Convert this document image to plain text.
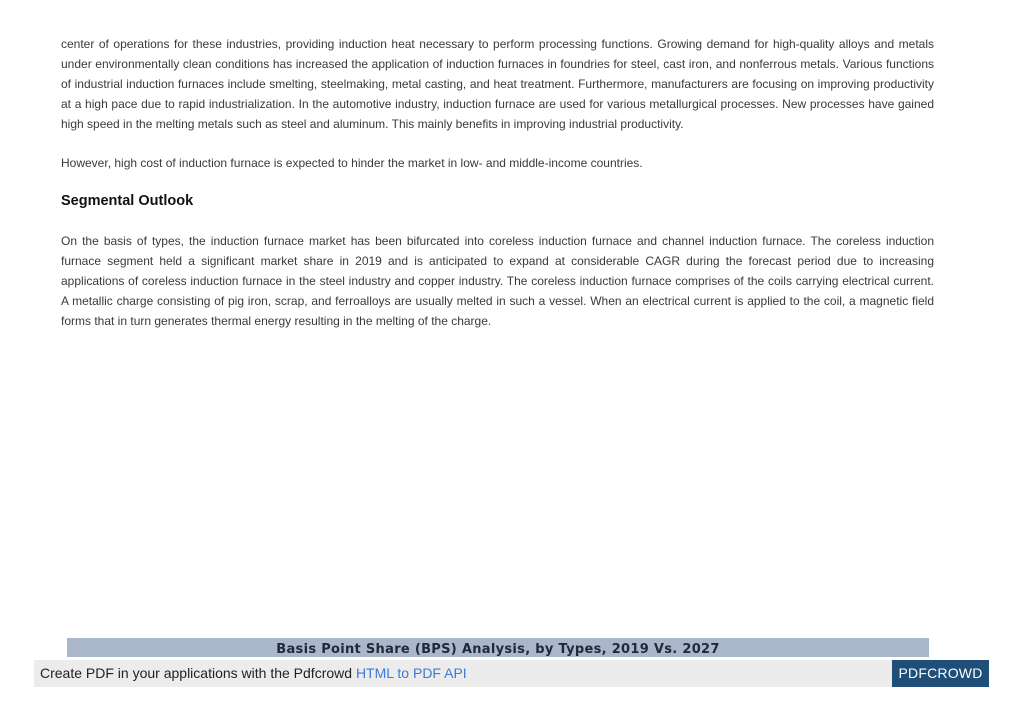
center of operations for these industries, providing induction heat necessary to perform processing functions. Growing demand for high-quality alloys and metals under environmentally clean conditions has increased the application of induction furnaces in foundries for steel, cast iron, and nonferrous metals. Various functions of industrial induction furnaces include smelting, steelmaking, metal casting, and heat treatment. Furthermore, manufacturers are focusing on improving productivity at a high pace due to rapid industrialization. In the automotive industry, induction furnace are used for various metallurgical processes. New processes have gained high speed in the melting metals such as steel and aluminum. This mainly benefits in improving industrial productivity.

However, high cost of induction furnace is expected to hinder the market in low- and middle-income countries.

Segmental Outlook

On the basis of types, the induction furnace market has been bifurcated into coreless induction furnace and channel induction furnace. The coreless induction furnace segment held a significant market share in 2019 and is anticipated to expand at considerable CAGR during the forecast period due to increasing applications of coreless induction furnace in the steel industry and copper industry. The coreless induction furnace comprises of the coils carrying electrical current. A metallic charge consisting of pig iron, scrap, and ferroalloys are usually melted in such a vessel. When an electrical current is applied to the coil, a magnetic field forms that in turn generates thermal energy resulting in the melting of the charge.

Basis Point Share (BPS) Analysis, by Types, 2019 Vs. 2027
Create PDF in your applications with the Pdfcrowd HTML to PDF API	PDFCROWD
